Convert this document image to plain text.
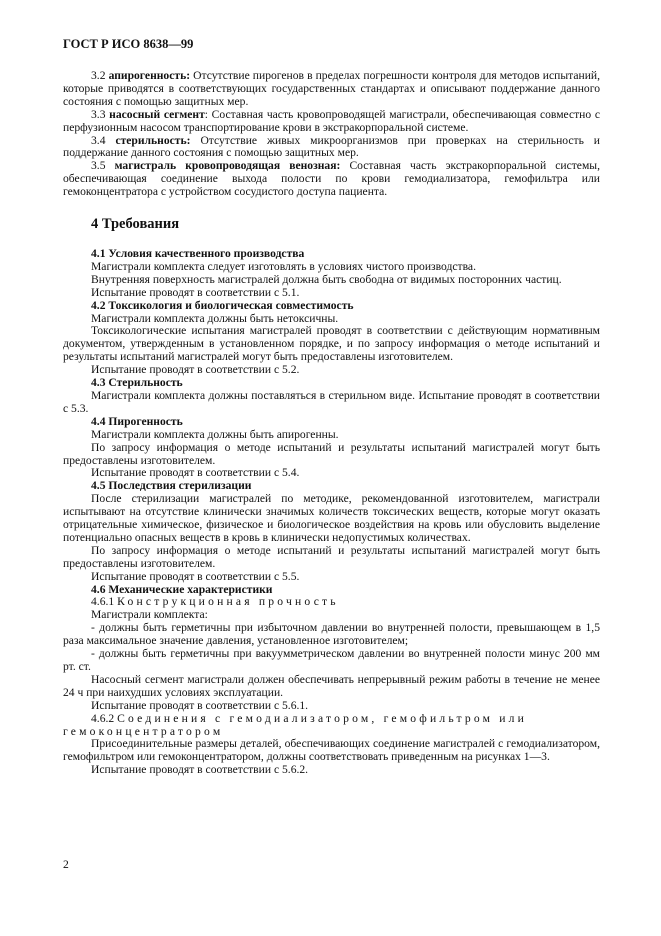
ГОСТ Р ИСО 8638—99

3.2 апирогенность: Отсутствие пирогенов в пределах погрешности контроля для методов испытаний, которые приводятся в соответствующих государственных стандартах и описывают поддержание данного состояния с помощью защитных мер.

3.3 насосный сегмент: Составная часть кровопроводящей магистрали, обеспечивающая совместно с перфузионным насосом транспортирование крови в экстракорпоральной системе.

3.4 стерильность: Отсутствие живых микроорганизмов при проверках на стерильность и поддержание данного состояния с помощью защитных мер.

3.5 магистраль кровопроводящая венозная: Составная часть экстракорпоральной системы, обеспечивающая соединение выхода полости по крови гемодиализатора, гемофильтра или гемоконцентратора с устройством сосудистого доступа пациента.

4 Требования

4.1 Условия качественного производства

Магистрали комплекта следует изготовлять в условиях чистого производства.

Внутренняя поверхность магистралей должна быть свободна от видимых посторонних частиц.

Испытание проводят в соответствии с 5.1.

4.2 Токсикология и биологическая совместимость

Магистрали комплекта должны быть нетоксичны.

Токсикологические испытания магистралей проводят в соответствии с действующим нормативным документом, утвержденным в установленном порядке, и по запросу информация о методе испытаний и результаты испытаний магистралей могут быть предоставлены изготовителем.

Испытание проводят в соответствии с 5.2.

4.3 Стерильность

Магистрали комплекта должны поставляться в стерильном виде. Испытание проводят в соответствии с 5.3.

4.4 Пирогенность

Магистрали комплекта должны быть апирогенны.

По запросу информация о методе испытаний и результаты испытаний магистралей могут быть предоставлены изготовителем.

Испытание проводят в соответствии с 5.4.

4.5 Последствия стерилизации

После стерилизации магистралей по методике, рекомендованной изготовителем, магистрали испытывают на отсутствие клинически значимых количеств токсических веществ, которые могут оказать отрицательные химическое, физическое и биологическое воздействия на кровь или обусловить выделение потенциально опасных веществ в кровь в клинически недопустимых количествах.

По запросу информация о методе испытаний и результаты испытаний магистралей могут быть предоставлены изготовителем.

Испытание проводят в соответствии с 5.5.

4.6 Механические характеристики

4.6.1 Конструкционная прочность

Магистрали комплекта:

- должны быть герметичны при избыточном давлении во внутренней полости, превышающем в 1,5 раза максимальное значение давления, установленное изготовителем;

- должны быть герметичны при вакуумметрическом давлении во внутренней полости минус 200 мм рт. ст.

Насосный сегмент магистрали должен обеспечивать непрерывный режим работы в течение не менее 24 ч при наихудших условиях эксплуатации.

Испытание проводят в соответствии с 5.6.1.

4.6.2 Соединения с гемодиализатором, гемофильтром или гемоконцентратором

Присоединительные размеры деталей, обеспечивающих соединение магистралей с гемодиализатором, гемофильтром или гемоконцентратором, должны соответствовать приведенным на рисунках 1—3.

Испытание проводят в соответствии с 5.6.2.

2
